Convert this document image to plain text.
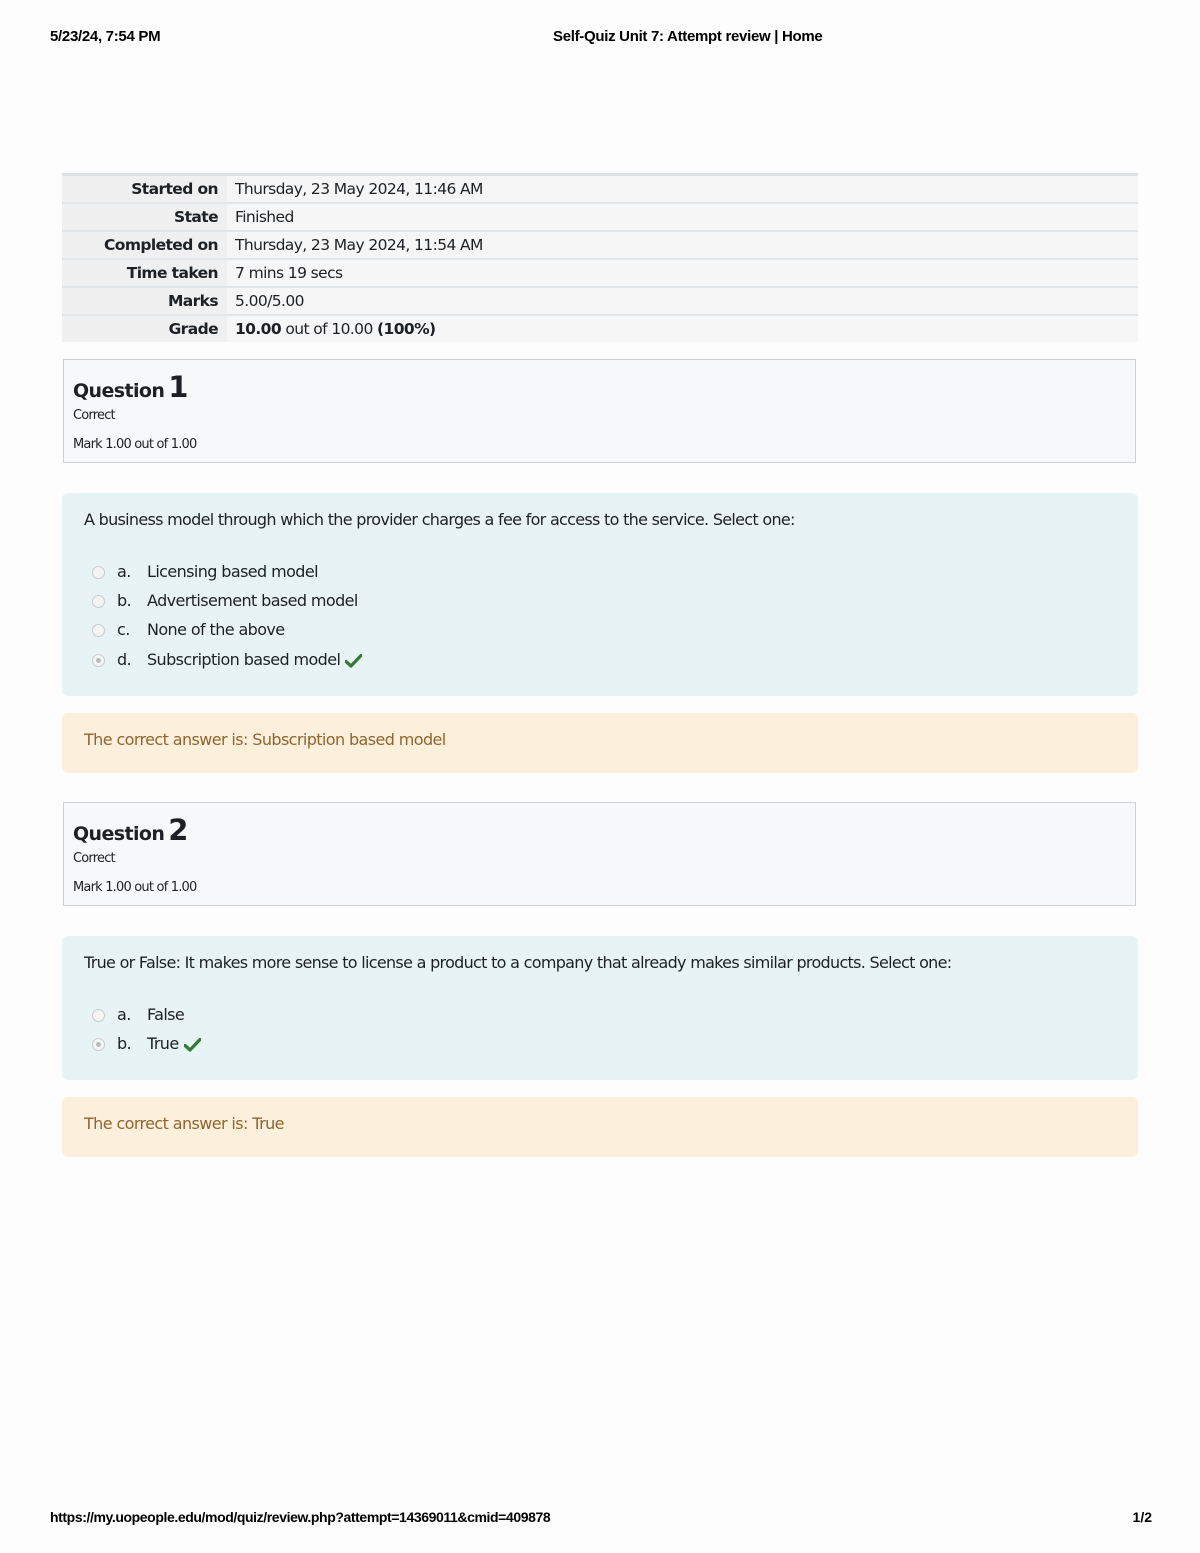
5/23/24, 7:54 PM	Self-Quiz Unit 7: Attempt review | Home
Started on	Thursday, 23 May 2024, 11:46 AM
State	Finished
Completed on	Thursday, 23 May 2024, 11:54 AM
Time taken	7 mins 19 secs
Marks	5.00/5.00
Grade	10.00 out of 10.00 (100%)
Question 1
Correct
Mark 1.00 out of 1.00
A business model through which the provider charges a fee for access to the service. Select one:
a. Licensing based model
b. Advertisement based model
c. None of the above
d. Subscription based model
The correct answer is: Subscription based model
Question 2
Correct
Mark 1.00 out of 1.00
True or False: It makes more sense to license a product to a company that already makes similar products. Select one:
a. False
b. True
The correct answer is: True
https://my.uopeople.edu/mod/quiz/review.php?attempt=14369011&cmid=409878	1/2
